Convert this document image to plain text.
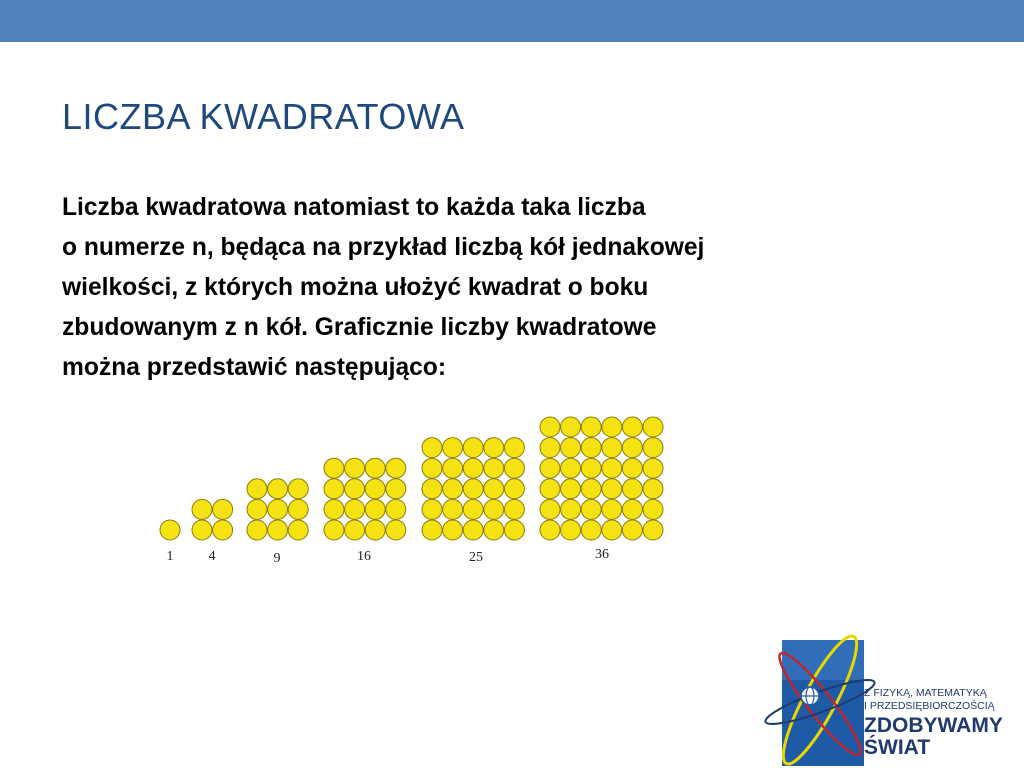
LICZBA KWADRATOWA

Liczba kwadratowa natomiast to każda taka liczba
o numerze n, będąca na przykład liczbą kół jednakowej
wielkości, z których można ułożyć kwadrat o boku
zbudowanym z n kół. Graficznie liczby kwadratowe
można przedstawić następująco:

1	4	9	16	25	36
Z FIZYKĄ, MATEMATYKĄ
I PRZEDSIĘBIORCZOŚCIĄ
ZDOBYWAMY
ŚWIAT
